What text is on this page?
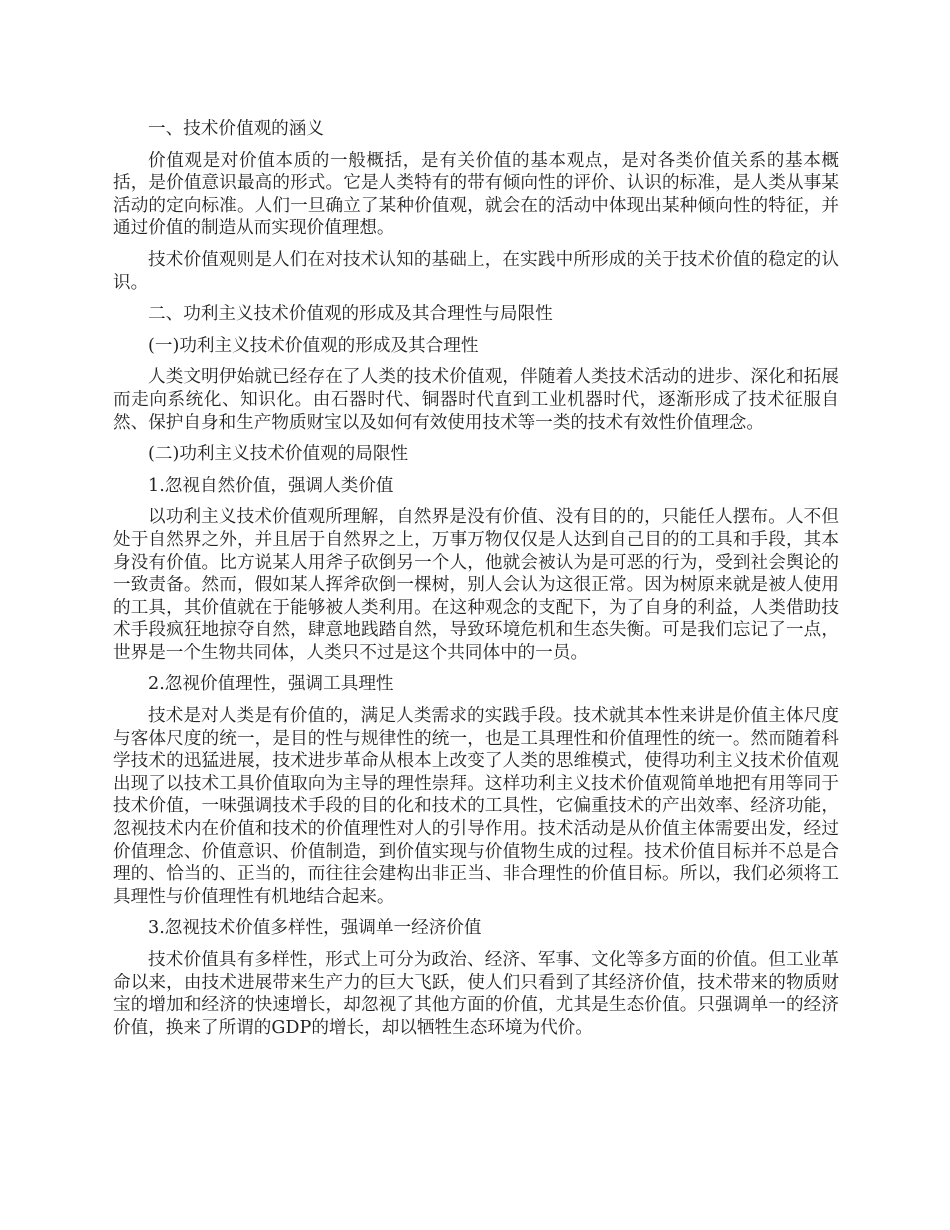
一、技术价值观的涵义

价值观是对价值本质的一般概括，是有关价值的基本观点，是对各类价值关系的基本概括，是价值意识最高的形式。它是人类特有的带有倾向性的评价、认识的标准，是人类从事某活动的定向标准。人们一旦确立了某种价值观，就会在的活动中体现出某种倾向性的特征，并通过价值的制造从而实现价值理想。

技术价值观则是人们在对技术认知的基础上，在实践中所形成的关于技术价值的稳定的认识。

二、功利主义技术价值观的形成及其合理性与局限性

(一)功利主义技术价值观的形成及其合理性

人类文明伊始就已经存在了人类的技术价值观，伴随着人类技术活动的进步、深化和拓展而走向系统化、知识化。由石器时代、铜器时代直到工业机器时代，逐渐形成了技术征服自然、保护自身和生产物质财宝以及如何有效使用技术等一类的技术有效性价值理念。

(二)功利主义技术价值观的局限性

1.忽视自然价值，强调人类价值

以功利主义技术价值观所理解，自然界是没有价值、没有目的的，只能任人摆布。人不但处于自然界之外，并且居于自然界之上，万事万物仅仅是人达到自己目的的工具和手段，其本身没有价值。比方说某人用斧子砍倒另一个人，他就会被认为是可恶的行为，受到社会舆论的一致责备。然而，假如某人挥斧砍倒一棵树，别人会认为这很正常。因为树原来就是被人使用的工具，其价值就在于能够被人类利用。在这种观念的支配下，为了自身的利益，人类借助技术手段疯狂地掠夺自然，肆意地践踏自然，导致环境危机和生态失衡。可是我们忘记了一点，世界是一个生物共同体，人类只不过是这个共同体中的一员。

2.忽视价值理性，强调工具理性

技术是对人类是有价值的，满足人类需求的实践手段。技术就其本性来讲是价值主体尺度与客体尺度的统一，是目的性与规律性的统一，也是工具理性和价值理性的统一。然而随着科学技术的迅猛进展，技术进步革命从根本上改变了人类的思维模式，使得功利主义技术价值观出现了以技术工具价值取向为主导的理性崇拜。这样功利主义技术价值观简单地把有用等同于技术价值，一味强调技术手段的目的化和技术的工具性，它偏重技术的产出效率、经济功能，忽视技术内在价值和技术的价值理性对人的引导作用。技术活动是从价值主体需要出发，经过价值理念、价值意识、价值制造，到价值实现与价值物生成的过程。技术价值目标并不总是合理的、恰当的、正当的，而往往会建构出非正当、非合理性的价值目标。所以，我们必须将工具理性与价值理性有机地结合起来。

3.忽视技术价值多样性，强调单一经济价值

技术价值具有多样性，形式上可分为政治、经济、军事、文化等多方面的价值。但工业革命以来，由技术进展带来生产力的巨大飞跃，使人们只看到了其经济价值，技术带来的物质财宝的增加和经济的快速增长，却忽视了其他方面的价值，尤其是生态价值。只强调单一的经济价值，换来了所谓的GDP的增长，却以牺牲生态环境为代价。
